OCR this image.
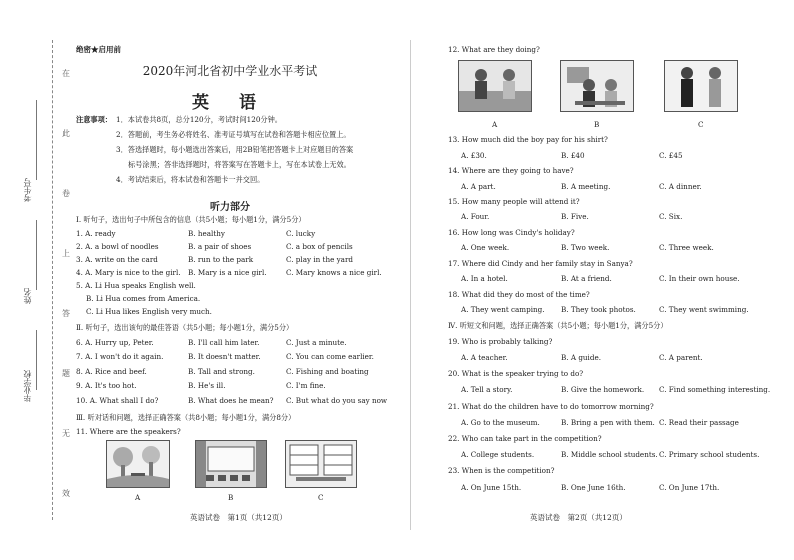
在
此
卷
上
答
题
无
效
考生号
姓名
毕业学校
绝密★启用前
2020年河北省初中学业水平考试
英 语
注意事项： 1．本试卷共8页，总分120分，考试时间120分钟。
2．答题前，考生务必将姓名、准考证号填写在试卷和答题卡相应位置上。
3．答选择题时，每小题选出答案后，用2B铅笔把答题卡上对应题目的答案
标号涂黑；答非选择题时，将答案写在答题卡上，写在本试卷上无效。
4．考试结束后，将本试卷和答题卡一并交回。
听力部分
Ⅰ. 听句子，选出句子中所包含的信息（共5小题；每小题1分，满分5分）
1. A. ready	B. healthy	C. lucky
2. A. a bowl of noodles	B. a pair of shoes	C. a box of pencils
3. A. write on the card	B. run to the park	C. play in the yard
4. A. Mary is nice to the girl. B. Mary is a nice girl.	C. Mary knows a nice girl.
5. A. Li Hua speaks English well.
B. Li Hua comes from America.
C. Li Hua likes English very much.
Ⅱ. 听句子，选出该句的最佳答语（共5小题；每小题1分，满分5分）
6. A. Hurry up, Peter.	B. I'll call him later.	C. Just a minute.
7. A. I won't do it again.	B. It doesn't matter.	C. You can come earlier.
8. A. Rice and beef.	B. Tall and strong.	C. Fishing and boating
9. A. It's too hot.	B. He's ill.	C. I'm fine.
10. A. What shall I do?	B. What does he mean? C. But what do you say now
Ⅲ. 听对话和问题，选择正确答案（共8小题；每小题1分，满分8分）
11. Where are the speakers?
A	B	C
英语试卷　第1页（共12页）
12. What are they doing?
A	B	C
13. How much did the boy pay for his shirt?
A. £30.	B. £40	C. £45
14. Where are they going to have?
A. A part.	B. A meeting.	C. A dinner.
15. How many people will attend it?
A. Four.	B. Five.	C. Six.
16. How long was Cindy's holiday?
A. One week.	B. Two week.	C. Three week.
17. Where did Cindy and her family stay in Sanya?
A. In a hotel.	B. At a friend.	C. In their own house.
18. What did they do most of the time?
A. They went camping. B. They took photos.	C. They went swimming.
Ⅳ. 听短文和问题，选择正确答案（共5小题；每小题1分，满分5分）
19. Who is probably talking?
A. A teacher.	B. A guide.	C. A parent.
20. What is the speaker trying to do?
A. Tell a story.	B. Give the homework. C. Find something interesting.
21. What do the children have to do tomorrow morning?
A. Go to the museum.	B. Bring a pen with them. C. Read their passage
22. Who can take part in the competition?
A. College students.	B. Middle school students. C. Primary school students.
23. When is the competition?
A. On June 15th.	B. One June 16th.	C. On June 17th.
英语试卷　第2页（共12页）
